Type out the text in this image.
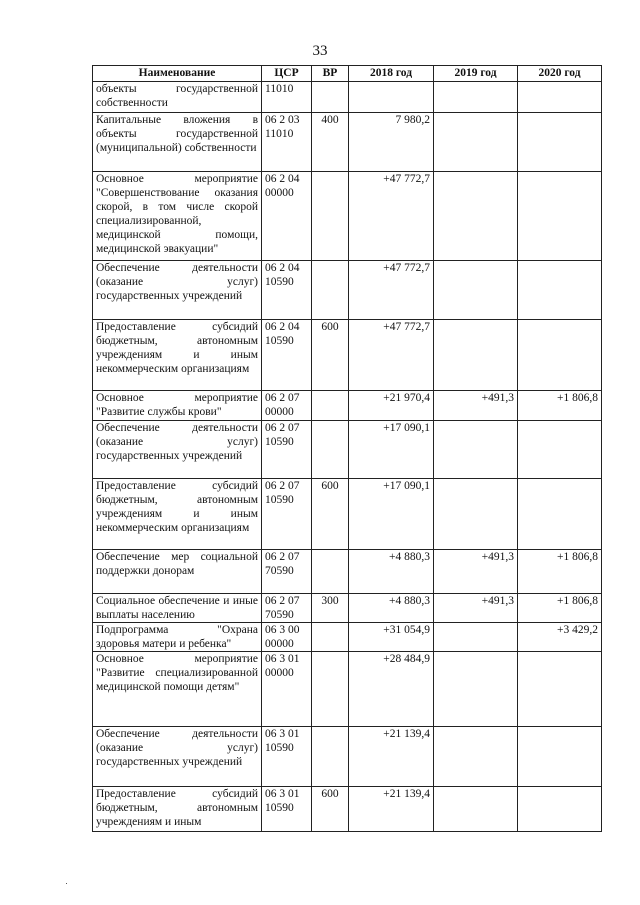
33
Наименование	ЦСР	ВР	2018 год	2019 год	2020 год
объекты государственной собственности	11010				
Капитальные вложения в объекты государственной (муниципальной) собственности	06 2 03 11010	400	7 980,2		
Основное мероприятие "Совершенствование оказания скорой, в том числе скорой специализированной, медицинской помощи, медицинской эвакуации"	06 2 04 00000		+47 772,7		
Обеспечение деятельности (оказание услуг) государственных учреждений	06 2 04 10590		+47 772,7		
Предоставление субсидий бюджетным, автономным учреждениям и иным некоммерческим организациям	06 2 04 10590	600	+47 772,7		
Основное мероприятие "Развитие службы крови"	06 2 07 00000		+21 970,4	+491,3	+1 806,8
Обеспечение деятельности (оказание услуг) государственных учреждений	06 2 07 10590		+17 090,1		
Предоставление субсидий бюджетным, автономным учреждениям и иным некоммерческим организациям	06 2 07 10590	600	+17 090,1		
Обеспечение мер социальной поддержки донорам	06 2 07 70590		+4 880,3	+491,3	+1 806,8
Социальное обеспечение и иные выплаты населению	06 2 07 70590	300	+4 880,3	+491,3	+1 806,8
Подпрограмма "Охрана здоровья матери и ребенка"	06 3 00 00000		+31 054,9		+3 429,2
Основное мероприятие "Развитие специализированной медицинской помощи детям"	06 3 01 00000		+28 484,9		
Обеспечение деятельности (оказание услуг) государственных учреждений	06 3 01 10590		+21 139,4		
Предоставление субсидий бюджетным, автономным учреждениям и иным	06 3 01 10590	600	+21 139,4		
